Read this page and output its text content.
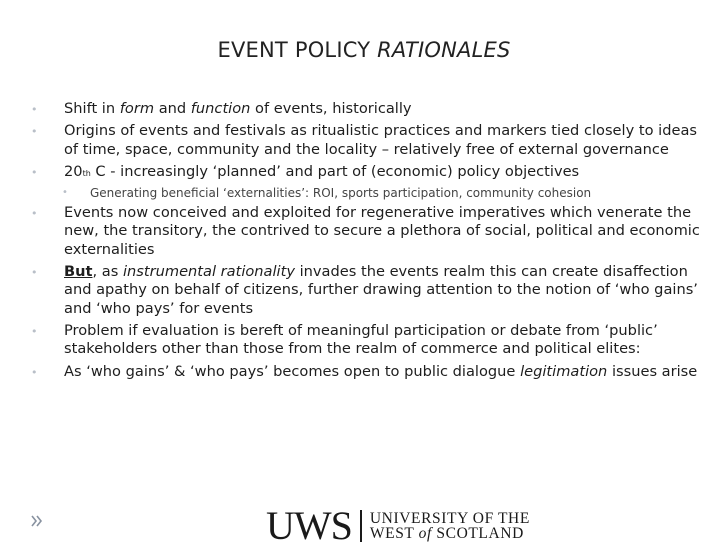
EVENT POLICY RATIONALES
• Shift in form and function of events, historically
• Origins of events and festivals as ritualistic practices and markers tied closely to ideas of time, space, community and the locality – relatively free of external governance
• 20th C - increasingly ‘planned’ and part of (economic) policy objectives
• Generating beneficial ‘externalities’: ROI, sports participation, community cohesion
• Events now conceived and exploited for regenerative imperatives which venerate the new, the transitory, the contrived to secure a plethora of social, political and economic externalities
• But, as instrumental rationality invades the events realm this can create disaffection and apathy on behalf of citizens, further drawing attention to the notion of ‘who gains’ and ‘who pays’ for events
• Problem if evaluation is bereft of meaningful participation or debate from ‘public’ stakeholders other than those from the realm of commerce and political elites:
• As ‘who gains’ & ‘who pays’ becomes open to public dialogue legitimation issues arise
UWS UNIVERSITY OF THE
WEST of SCOTLAND
